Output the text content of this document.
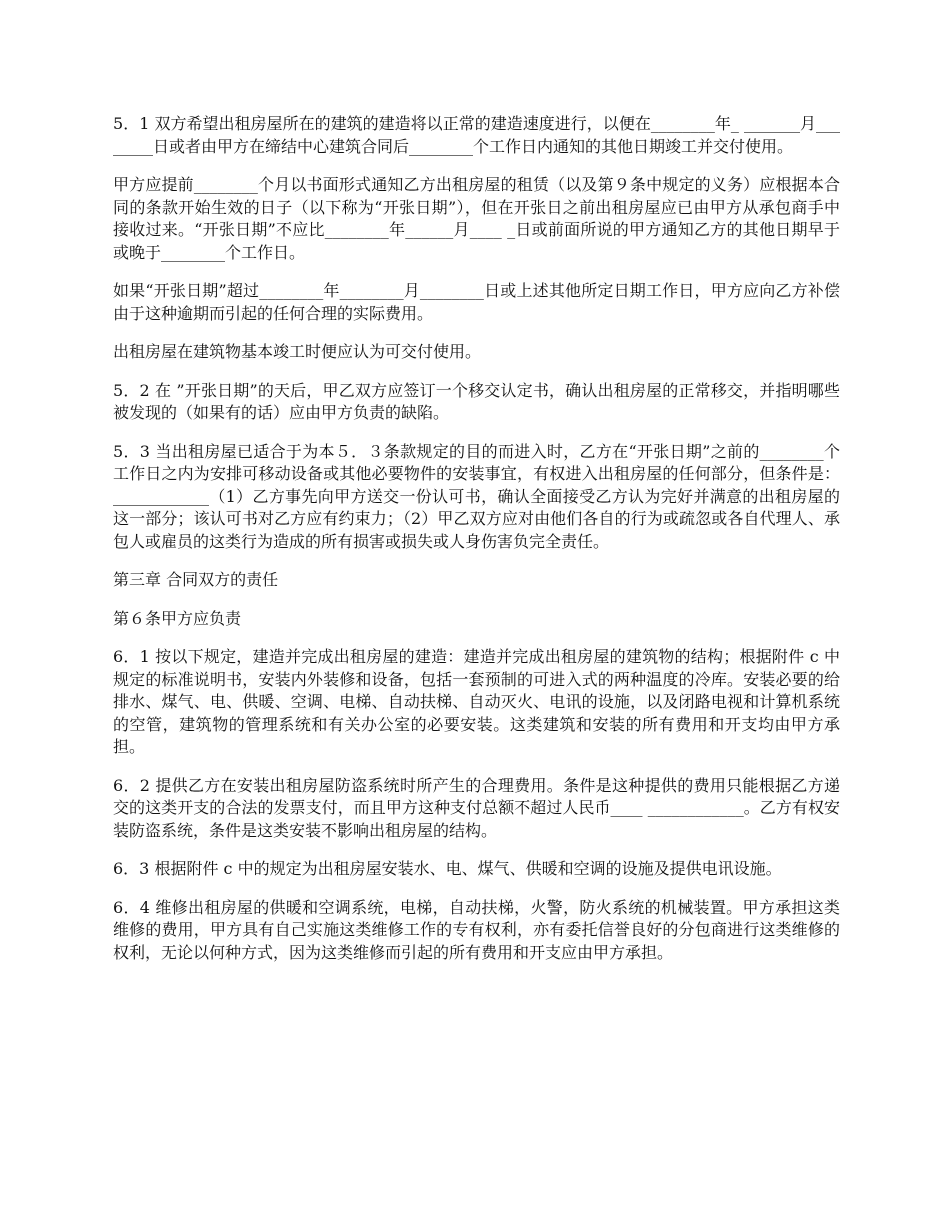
5．1 双方希望出租房屋所在的建筑的建造将以正常的建造速度进行，以便在________年_ _______月________日或者由甲方在缔结中心建筑合同后________个工作日内通知的其他日期竣工并交付使用。

甲方应提前________个月以书面形式通知乙方出租房屋的租赁（以及第９条中规定的义务）应根据本合同的条款开始生效的日子（以下称为“开张日期”），但在开张日之前出租房屋应已由甲方从承包商手中接收过来。“开张日期”不应比________年______月____ _日或前面所说的甲方通知乙方的其他日期早于或晚于________个工作日。

如果“开张日期”超过________年________月________日或上述其他所定日期工作日，甲方应向乙方补偿由于这种逾期而引起的任何合理的实际费用。

出租房屋在建筑物基本竣工时便应认为可交付使用。

5．2 在 ”开张日期”的天后，甲乙双方应签订一个移交认定书，确认出租房屋的正常移交，并指明哪些被发现的（如果有的话）应由甲方负责的缺陷。

5．3 当出租房屋已适合于为本５．３条款规定的目的而进入时，乙方在“开张日期”之前的________个工作日之内为安排可移动设备或其他必要物件的安装事宜，有权进入出租房屋的任何部分，但条件是：____________（1）乙方事先向甲方送交一份认可书，确认全面接受乙方认为完好并满意的出租房屋的这一部分；该认可书对乙方应有约束力；（2）甲乙双方应对由他们各自的行为或疏忽或各自代理人、承包人或雇员的这类行为造成的所有损害或损失或人身伤害负完全责任。

第三章 合同双方的责任

第６条甲方应负责

6．1 按以下规定，建造并完成出租房屋的建造：建造并完成出租房屋的建筑物的结构；根据附件 c 中规定的标准说明书，安装内外装修和设备，包括一套预制的可进入式的两种温度的冷库。安装必要的给排水、煤气、电、供暖、空调、电梯、自动扶梯、自动灭火、电讯的设施，以及闭路电视和计算机系统的空管，建筑物的管理系统和有关办公室的必要安装。这类建筑和安装的所有费用和开支均由甲方承担。

6．2 提供乙方在安装出租房屋防盗系统时所产生的合理费用。条件是这种提供的费用只能根据乙方递交的这类开支的合法的发票支付，而且甲方这种支付总额不超过人民币____ ____________。乙方有权安装防盗系统，条件是这类安装不影响出租房屋的结构。

6．3 根据附件 c 中的规定为出租房屋安装水、电、煤气、供暖和空调的设施及提供电讯设施。

6．4 维修出租房屋的供暖和空调系统，电梯，自动扶梯，火警，防火系统的机械装置。甲方承担这类维修的费用，甲方具有自己实施这类维修工作的专有权利，亦有委托信誉良好的分包商进行这类维修的权利，无论以何种方式，因为这类维修而引起的所有费用和开支应由甲方承担。
